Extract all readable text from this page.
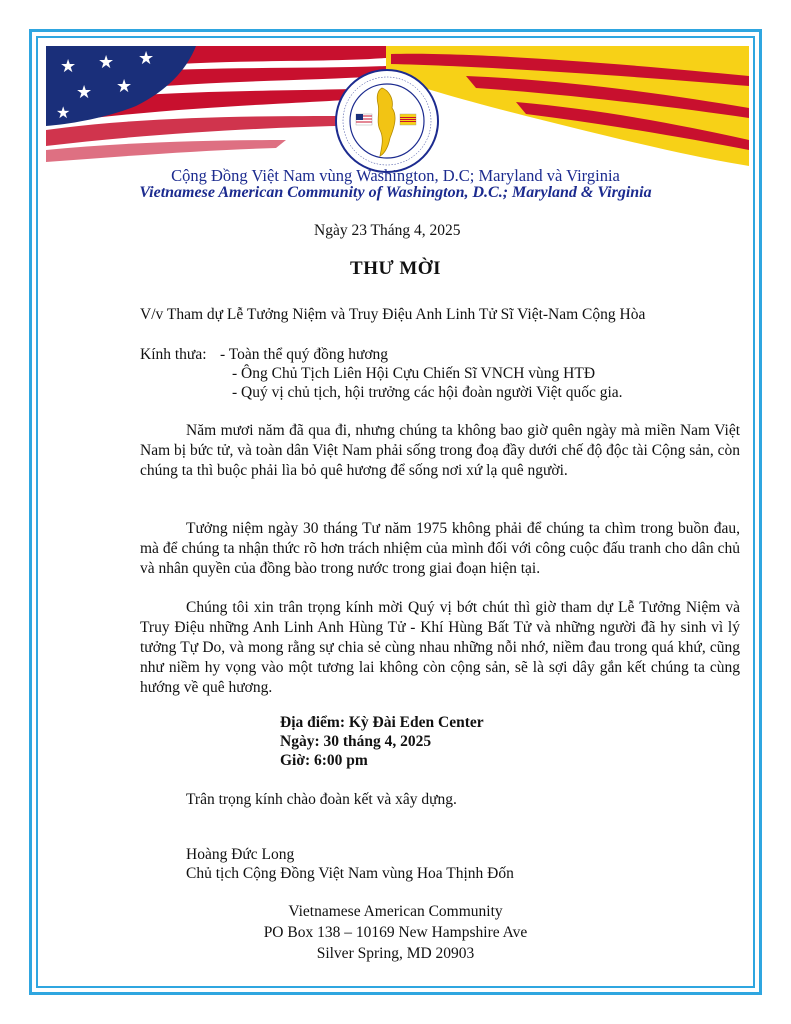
★ ★ ★
★ ★
★
Cộng Đồng Việt Nam vùng Washington, D.C; Maryland và Virginia
Vietnamese American Community of Washington, D.C.; Maryland & Virginia
Ngày 23 Tháng 4, 2025
THƯ MỜI
V/v Tham dự Lễ Tưởng Niệm và Truy Điệu Anh Linh Tử Sĩ Việt-Nam Cộng Hòa
Kính thưa: - Toàn thể quý đồng hương
- Ông Chủ Tịch Liên Hội Cựu Chiến Sĩ VNCH vùng HTĐ
- Quý vị chủ tịch, hội trưởng các hội đoàn người Việt quốc gia.
Năm mươi năm đã qua đi, nhưng chúng ta không bao giờ quên ngày mà miền Nam Việt Nam bị bức tử, và toàn dân Việt Nam phải sống trong đoạ đầy dưới chế độ độc tài Cộng sản, còn chúng ta thì buộc phải lìa bỏ quê hương để sống nơi xứ lạ quê người.
Tưởng niệm ngày 30 tháng Tư năm 1975 không phải để chúng ta chìm trong buồn đau, mà để chúng ta nhận thức rõ hơn trách nhiệm của mình đối với công cuộc đấu tranh cho dân chủ và nhân quyền của đồng bào trong nước trong giai đoạn hiện tại.
Chúng tôi xin trân trọng kính mời Quý vị bớt chút thì giờ tham dự Lễ Tưởng Niệm và Truy Điệu những Anh Linh Anh Hùng Tử - Khí Hùng Bất Tử và những người đã hy sinh vì lý tưởng Tự Do, và mong rằng sự chia sẻ cùng nhau những nỗi nhớ, niềm đau trong quá khứ, cũng như niềm hy vọng vào một tương lai không còn cộng sản, sẽ là sợi dây gắn kết chúng ta cùng hướng về quê hương.
Địa điểm: Kỳ Đài Eden Center
Ngày: 30 tháng 4, 2025
Giờ: 6:00 pm
Trân trọng kính chào đoàn kết và xây dựng.
Hoàng Đức Long
Chủ tịch Cộng Đồng Việt Nam vùng Hoa Thịnh Đốn
Vietnamese American Community
PO Box 138 – 10169 New Hampshire Ave
Silver Spring, MD 20903
